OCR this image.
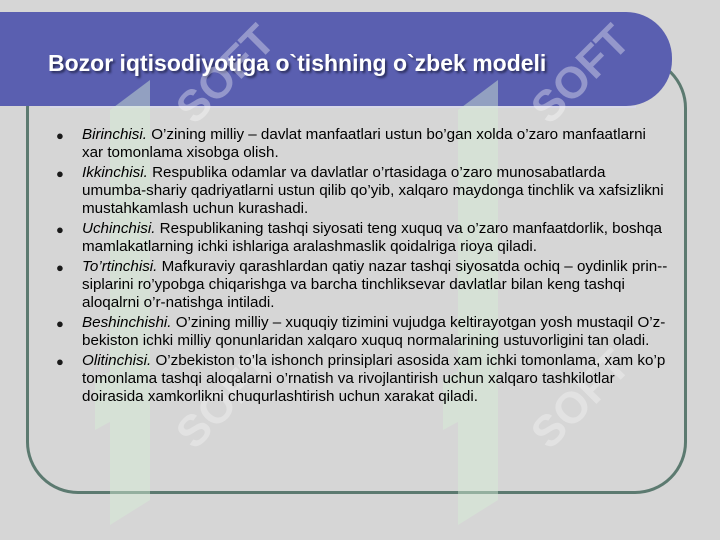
Bozor iqtisodiyotiga o`tishning o`zbek modeli
SOFT	SOFT
SOFT	SOFT
● Birinchisi. O’zining milliy – davlat manfaatlari ustun bo’gan xolda o’zaro manfaatlarni xar tomonlama xisobga olish.
● Ikkinchisi. Respublika odamlar va davlatlar o’rtasidaga o’zaro munosabatlarda umumba-shariy qadriyatlarni ustun qilib qo’yib, xalqaro maydonga tinchlik va xafsizlikni mustahkamlash uchun kurashadi.
● Uchinchisi. Respublikaning tashqi siyosati teng xuquq va o’zaro manfaatdorlik, boshqa mamlakatlarning ichki ishlariga aralashmaslik qoidalriga rioya qiladi.
● To’rtinchisi. Mafkuraviy qarashlardan qatiy nazar tashqi siyosatda ochiq – oydinlik prin--siplarini ro’ypobga chiqarishga va barcha tinchliksevar davlatlar bilan keng tashqi aloqalrni o’r-natishga intiladi.
● Beshinchishi. O’zining milliy – xuquqiy tizimini vujudga keltirayotgan yosh mustaqil O’z-bekiston ichki milliy qonunlaridan xalqaro xuquq normalarining ustuvorligini tan oladi.
● Olitinchisi. O’zbekiston to’la ishonch prinsiplari asosida xam ichki tomonlama, xam ko’p tomonlama tashqi aloqalarni o’rnatish va rivojlantirish uchun xalqaro tashkilotlar doirasida xamkorlikni chuqurlashtirish uchun xarakat qiladi.
